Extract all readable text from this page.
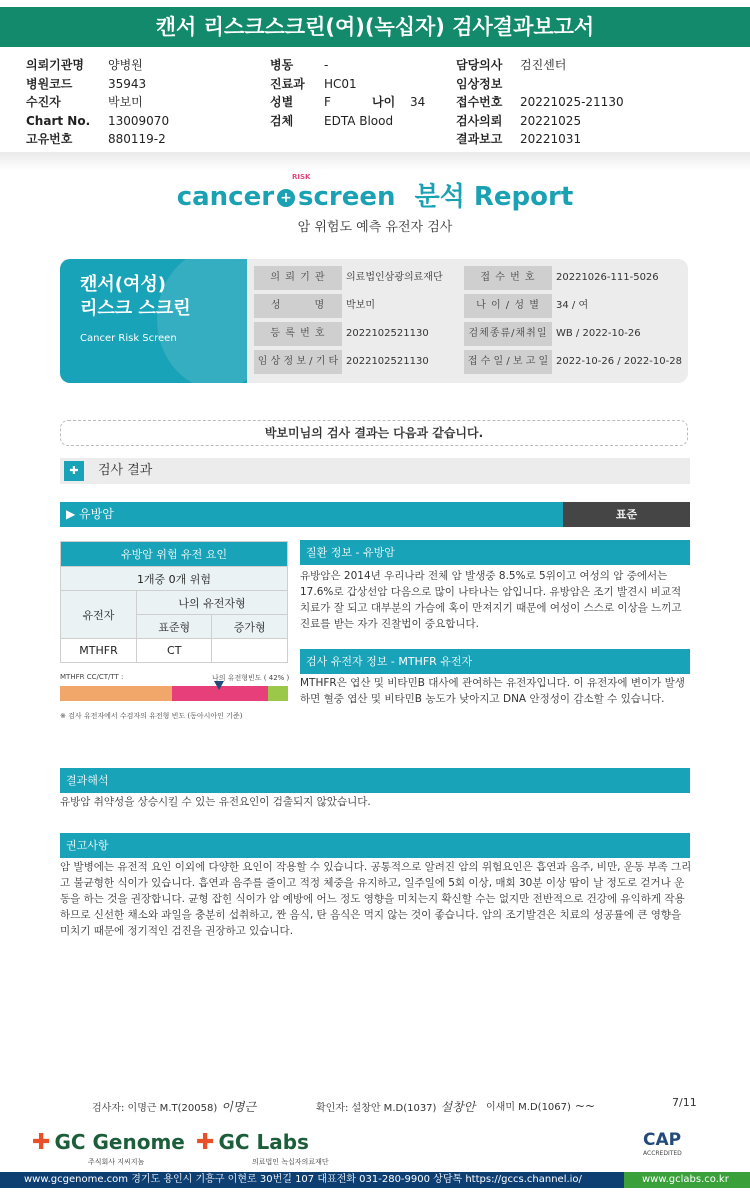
캔서 리스크스크린(여)(녹십자) 검사결과보고서
의뢰기관명	양병원
병원코드	35943
수진자	박보미
Chart No.	13009070
고유번호	880119-2
병동	-
진료과	HC01
성별	F	나이	34
검체	EDTA Blood
담당의사	검진센터
임상정보
접수번호	20221025-21130
검사의뢰	20221025
결과보고	20221031
cancer + screen 분석 Report
RISK
암 위험도 예측 유전자 검사
캔서(여성)
리스크 스크린
Cancer Risk Screen
의 뢰 기 관	의료법인삼광의료재단	접 수 번 호	20221026-111-5026
성　　　명	박보미	나 이 / 성 별	34 / 여
등 록 번 호	2022102521130	검체종류/채취일 WB / 2022-10-26
임 상 정 보 / 기 타 2022102521130	접 수 일 / 보 고 일 2022-10-26 / 2022-10-28
박보미님의 검사 결과는 다음과 같습니다.
✚	검사 결과
▶ 유방암	표준
유방암 위험 유전 요인		
1개중 0개 위험		
유전자	나의 유전자형	
	표준형	증가형
MTHFR	CT	
MTHFR CC/CT/TT :	나의 유전형빈도 ( 42% )
※ 검사 유전자에서 수검자의 유전형 빈도 (동아시아인 기준)
질환 정보 - 유방암
유방암은 2014년 우리나라 전체 암 발생중 8.5%로 5위이고 여성의 암 중에서는 17.6%로 갑상선암 다음으로 많이 나타나는 암입니다. 유방암은 조기 발견시 비교적 치료가 잘 되고 대부분의 가슴에 혹이 만져지기 때문에 여성이 스스로 이상을 느끼고 진료를 받는 자가 진찰법이 중요합니다.
검사 유전자 정보 - MTHFR 유전자
MTHFR은 엽산 및 비타민B 대사에 관여하는 유전자입니다. 이 유전자에 변이가 발생하면 혈중 엽산 및 비타민B 농도가 낮아지고 DNA 안정성이 감소할 수 있습니다.
결과해석
유방암 취약성을 상승시킬 수 있는 유전요인이 검출되지 않았습니다.
권고사항
암 발병에는 유전적 요인 이외에 다양한 요인이 작용할 수 있습니다. 공통적으로 알려진 암의 위험요인은 흡연과 음주, 비만, 운동 부족 그리고 불균형한 식이가 있습니다. 흡연과 음주를 줄이고 적정 체중을 유지하고, 일주일에 5회 이상, 매회 30분 이상 땀이 날 정도로 걷거나 운동을 하는 것을 권장합니다. 균형 잡힌 식이가 암 예방에 어느 정도 영향을 미치는지 확신할 수는 없지만 전반적으로 건강에 유익하게 작용하므로 신선한 채소와 과일을 충분히 섭취하고, 짠 음식, 탄 음식은 먹지 않는 것이 좋습니다. 암의 조기발견은 치료의 성공률에 큰 영향을 미치기 때문에 정기적인 검진을 권장하고 있습니다.
검사자: 이명근 M.T(20058) 이명근	확인자: 설창안 M.D(1037) 설창안 이새미 M.D(1067) ~~	7/11
✚ GC Genome
주식회사 지씨지놈
✚ GC Labs
의료법인 녹십자의료재단
CAP
ACCREDITED
www.gcgenome.com 경기도 용인시 기흥구 이현로 30번길 107 대표전화 031-280-9900 상담톡 https://gccs.channel.io/	www.gclabs.co.kr
